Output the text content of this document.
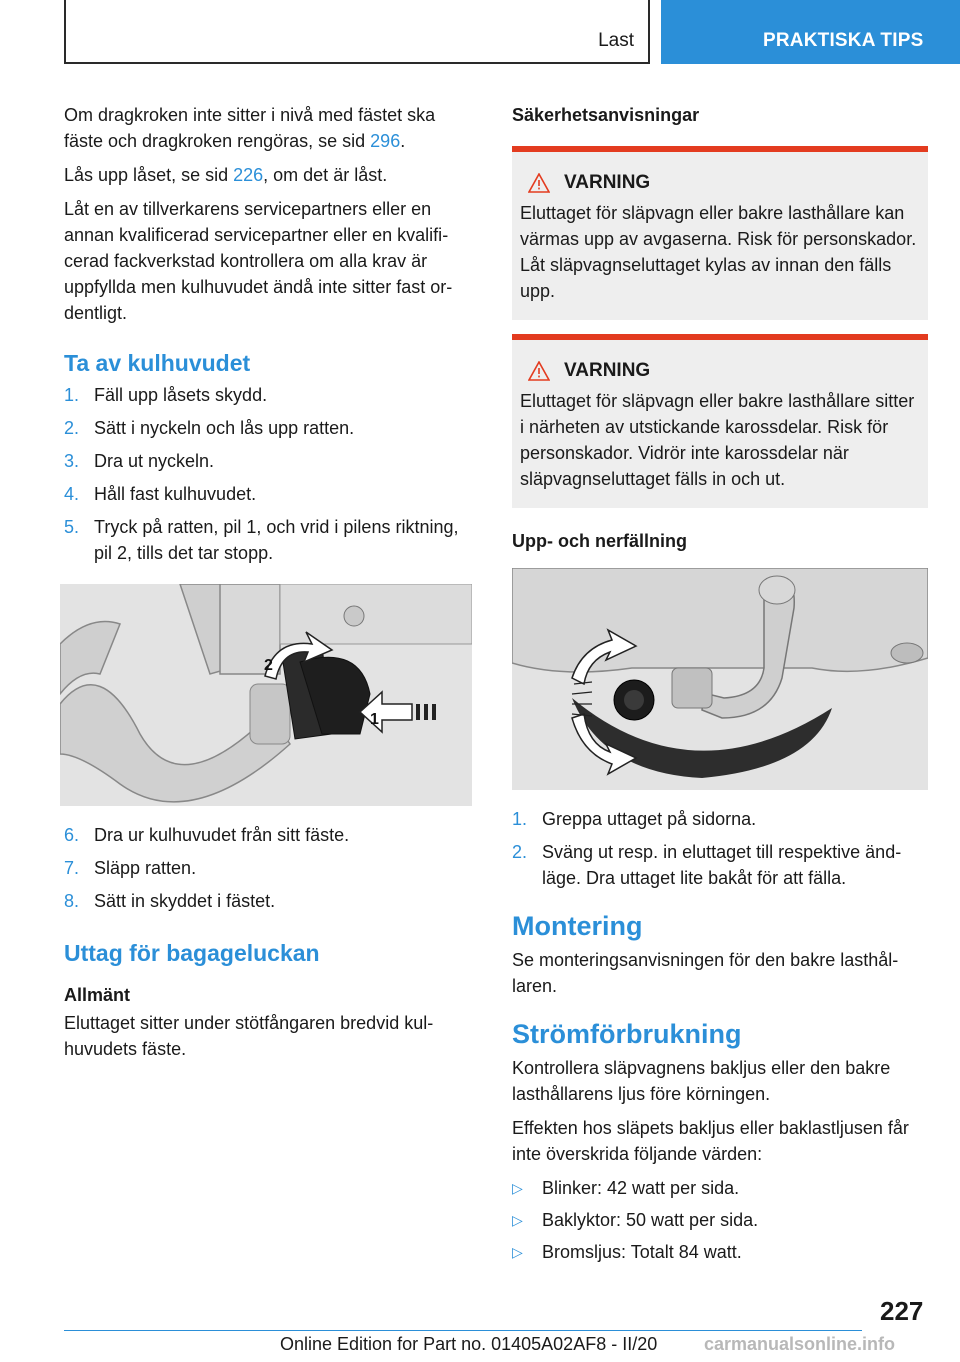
Last	PRAKTISKA TIPS

Om dragkroken inte sitter i nivå med fästet ska fäste och dragkroken rengöras, se sid 296.

Lås upp låset, se sid 226, om det är låst.

Låt en av tillverkarens servicepartners eller en annan kvalificerad servicepartner eller en kvalificerad fackverkstad kontrollera om alla krav är uppfyllda men kulhuvudet ändå inte sitter fast ordentligt.

Ta av kulhuvudet
1. Fäll upp låsets skydd.
2. Sätt i nyckeln och lås upp ratten.
3. Dra ut nyckeln.
4. Håll fast kulhuvudet.
5. Tryck på ratten, pil 1, och vrid i pilens riktning, pil 2, tills det tar stopp.
2
1
6. Dra ur kulhuvudet från sitt fäste.
7. Släpp ratten.
8. Sätt in skyddet i fästet.
Uttag för bagageluckan
Allmänt

Eluttaget sitter under stötfångaren bredvid kulhuvudets fäste.

Säkerhetsanvisningar
VARNING

Eluttaget för släpvagn eller bakre lasthållare kan värmas upp av avgaserna. Risk för personskador. Låt släpvagnseluttaget kylas av innan den fälls upp.

VARNING

Eluttaget för släpvagn eller bakre lasthållare sitter i närheten av utstickande karossdelar. Risk för personskador. Vidrör inte karossdelar när släpvagnseluttaget fälls in och ut.

Upp- och nerfällning
1. Greppa uttaget på sidorna.
2. Sväng ut resp. in eluttaget till respektive ändläge. Dra uttaget lite bakåt för att fälla.
Montering

Se monteringsanvisningen för den bakre lasthållaren.

Strömförbrukning

Kontrollera släpvagnens bakljus eller den bakre lasthållarens ljus före körningen.

Effekten hos släpets bakljus eller baklastljusen får inte överskrida följande värden:

▷	Blinker: 42 watt per sida.
▷	Baklyktor: 50 watt per sida.
▷	Bromsljus: Totalt 84 watt.
227
Online Edition for Part no. 01405A02AF8 - II/20	carmanualsonline.info
